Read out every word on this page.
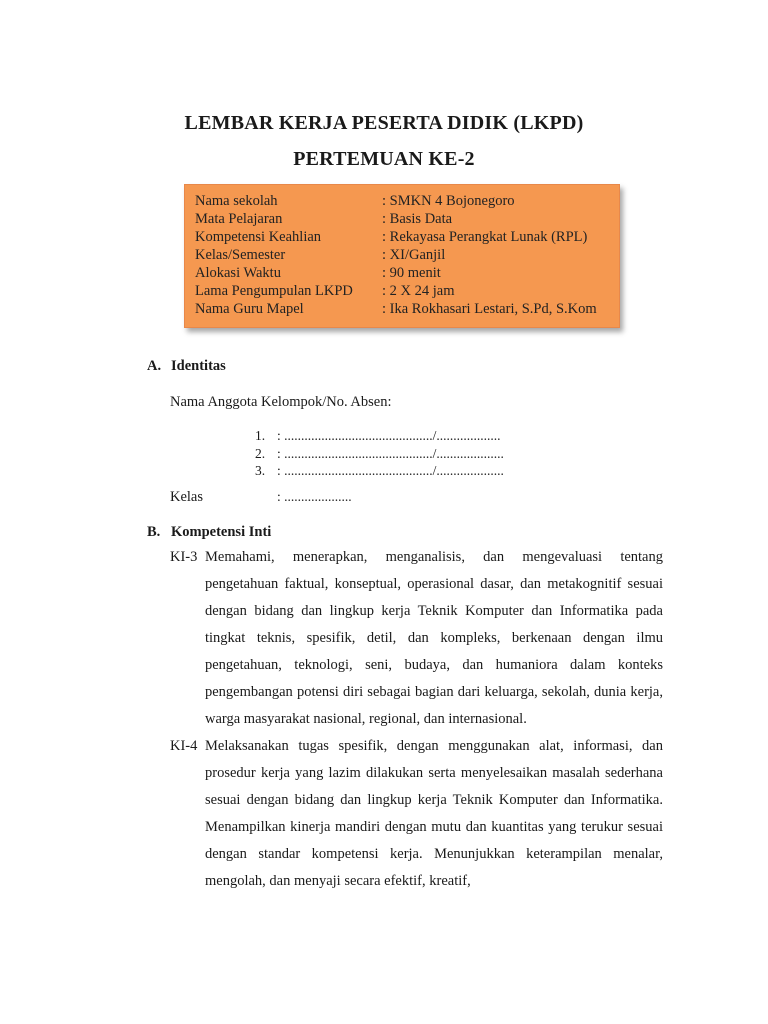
LEMBAR KERJA PESERTA DIDIK (LKPD)
PERTEMUAN KE-2
Nama sekolah	: SMKN 4 Bojonegoro
Mata Pelajaran	: Basis Data
Kompetensi Keahlian	: Rekayasa Perangkat Lunak (RPL)
Kelas/Semester	: XI/Ganjil
Alokasi Waktu	: 90 menit
Lama Pengumpulan LKPD : 2 X 24 jam
Nama Guru Mapel	: Ika Rokhasari Lestari, S.Pd, S.Kom
A. Identitas
Nama Anggota Kelompok/No. Absen:
1. : ............................................/...................
2. : ............................................/....................
3. : ............................................/....................
Kelas	: ....................
B. Kompetensi Inti
KI-3 Memahami, menerapkan, menganalisis, dan mengevaluasi tentang pengetahuan faktual, konseptual, operasional dasar, dan metakognitif sesuai dengan bidang dan lingkup kerja Teknik Komputer dan Informatika pada tingkat teknis, spesifik, detil, dan kompleks, berkenaan dengan ilmu pengetahuan, teknologi, seni, budaya, dan humaniora dalam konteks pengembangan potensi diri sebagai bagian dari keluarga, sekolah, dunia kerja, warga masyarakat nasional, regional, dan internasional.
KI-4 Melaksanakan tugas spesifik, dengan menggunakan alat, informasi, dan prosedur kerja yang lazim dilakukan serta menyelesaikan masalah sederhana sesuai dengan bidang dan lingkup kerja Teknik Komputer dan Informatika. Menampilkan kinerja mandiri dengan mutu dan kuantitas yang terukur sesuai dengan standar kompetensi kerja. Menunjukkan keterampilan menalar, mengolah, dan menyaji secara efektif, kreatif,
